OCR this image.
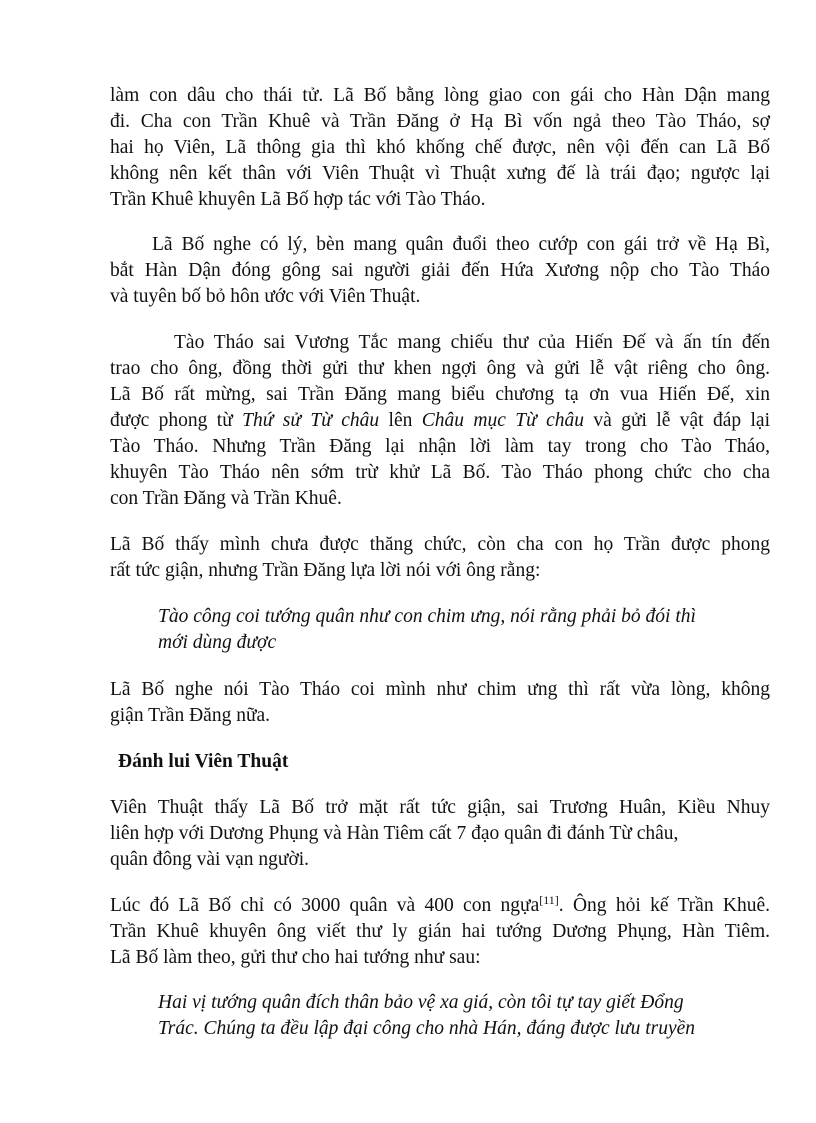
làm con dâu cho thái tử. Lã Bố bằng lòng giao con gái cho Hàn Dận mang
đi. Cha con Trần Khuê và Trần Đăng ở Hạ Bì vốn ngả theo Tào Tháo, sợ
hai họ Viên, Lã thông gia thì khó khống chế được, nên vội đến can Lã Bố
không nên kết thân với Viên Thuật vì Thuật xưng đế là trái đạo; ngược lại
Trần Khuê khuyên Lã Bố hợp tác với Tào Tháo.
Lã Bố nghe có lý, bèn mang quân đuổi theo cướp con gái trở về Hạ Bì,
bắt Hàn Dận đóng gông sai người giải đến Hứa Xương nộp cho Tào Tháo
và tuyên bố bỏ hôn ước với Viên Thuật.
Tào Tháo sai Vương Tắc mang chiếu thư của Hiến Đế và ấn tín đến
trao cho ông, đồng thời gửi thư khen ngợi ông và gửi lễ vật riêng cho ông.
Lã Bố rất mừng, sai Trần Đăng mang biểu chương tạ ơn vua Hiến Đế, xin
được phong từ Thứ sử Từ châu lên Châu mục Từ châu và gửi lễ vật đáp lại
Tào Tháo. Nhưng Trần Đăng lại nhận lời làm tay trong cho Tào Tháo,
khuyên Tào Tháo nên sớm trừ khử Lã Bố. Tào Tháo phong chức cho cha
con Trần Đăng và Trần Khuê.
Lã Bố thấy mình chưa được thăng chức, còn cha con họ Trần được phong
rất tức giận, nhưng Trần Đăng lựa lời nói với ông rằng:
Tào công coi tướng quân như con chim ưng, nói rằng phải bỏ đói thì
mới dùng được
Lã Bố nghe nói Tào Tháo coi mình như chim ưng thì rất vừa lòng, không
giận Trần Đăng nữa.
Đánh lui Viên Thuật
Viên Thuật thấy Lã Bố trở mặt rất tức giận, sai Trương Huân, Kiều Nhuy
liên hợp với Dương Phụng và Hàn Tiêm cất 7 đạo quân đi đánh Từ châu,
quân đông vài vạn người.
Lúc đó Lã Bố chỉ có 3000 quân và 400 con ngựa[11]. Ông hỏi kế Trần Khuê.
Trần Khuê khuyên ông viết thư ly gián hai tướng Dương Phụng, Hàn Tiêm.
Lã Bố làm theo, gửi thư cho hai tướng như sau:
Hai vị tướng quân đích thân bảo vệ xa giá, còn tôi tự tay giết Đổng
Trác. Chúng ta đều lập đại công cho nhà Hán, đáng được lưu truyền
